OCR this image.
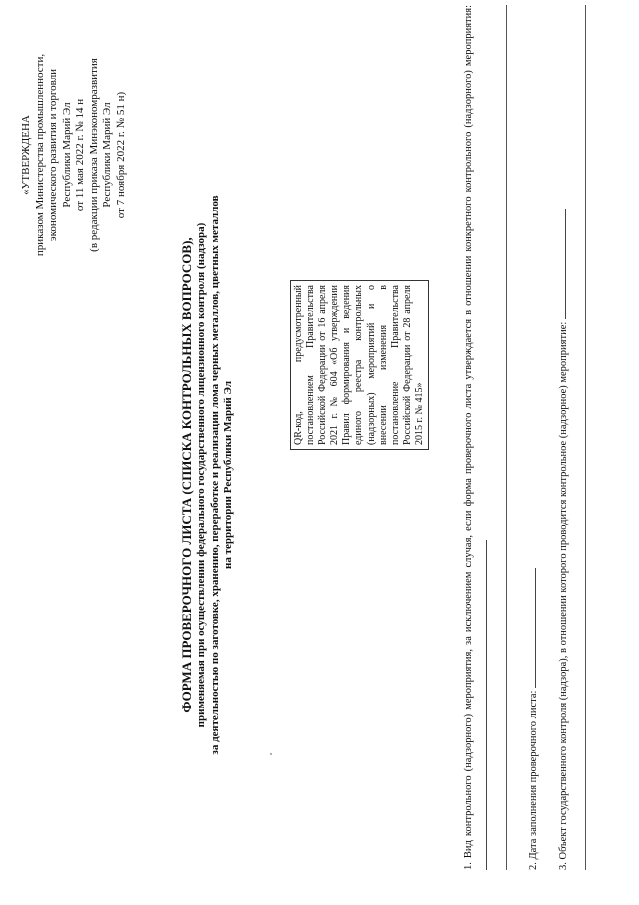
«УТВЕРЖДЕНА приказом Министерства промышленности, экономического развития и торговли Республики Марий Эл от 11 мая 2022 г. № 14 н (в редакции приказа Минэкономразвития Республики Марий Эл от 7 ноября 2022 г. № 51 н)
ФОРМА ПРОВЕРОЧНОГО ЛИСТА (СПИСКА КОНТРОЛЬНЫХ ВОПРОСОВ), применяемая при осуществлении федерального государственного лицензионного контроля (надзора) за деятельностью по заготовке, хранению, переработке и реализации лома черных металлов, цветных металлов на территории Республики Марий Эл
QR-код, предусмотренный постановлением Правительства Российской Федерации от 16 апреля 2021 г. № 604 «Об утверждении Правил формирования и ведения единого реестра контрольных (надзорных) мероприятий и о внесении изменения в постановление Правительства Российской Федерации от 28 апреля 2015 г. № 415»	1. Вид контрольного (надзорного) мероприятия, за исключением случая, если форма проверочного листа утверждается в отношении конкретного контрольного (надзорного) мероприятия:	2. Дата заполнения проверочного листа: 3. Объект государственного контроля (надзора), в отношении которого проводится контрольное (надзорное) мероприятие:
